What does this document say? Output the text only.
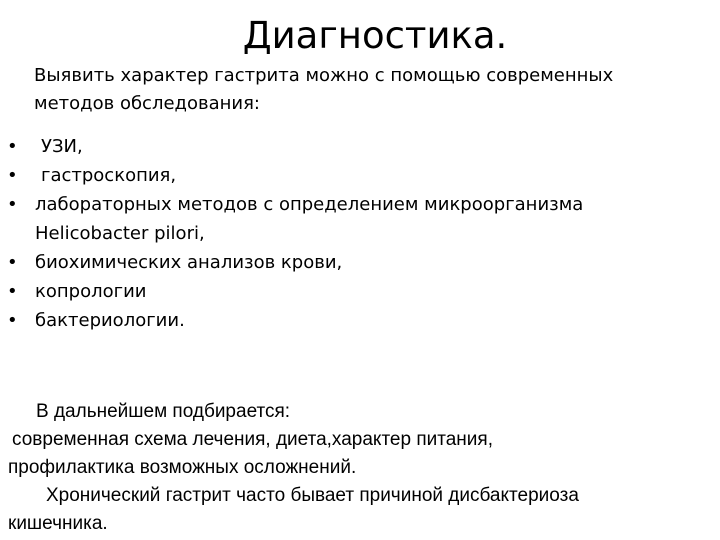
Диагностика.
Выявить характер гастрита можно с помощью современных
методов обследования:
• УЗИ,
• гастроскопия,
• лабораторных методов с определением микроорганизма
Helicobacter pilori,
• биохимических анализов крови,
• копрологии
• бактериологии.
В дальнейшем подбирается:
современная схема лечения, диета,характер питания,
профилактика возможных осложнений.
Хронический гастрит часто бывает причиной дисбактериоза
кишечника.
